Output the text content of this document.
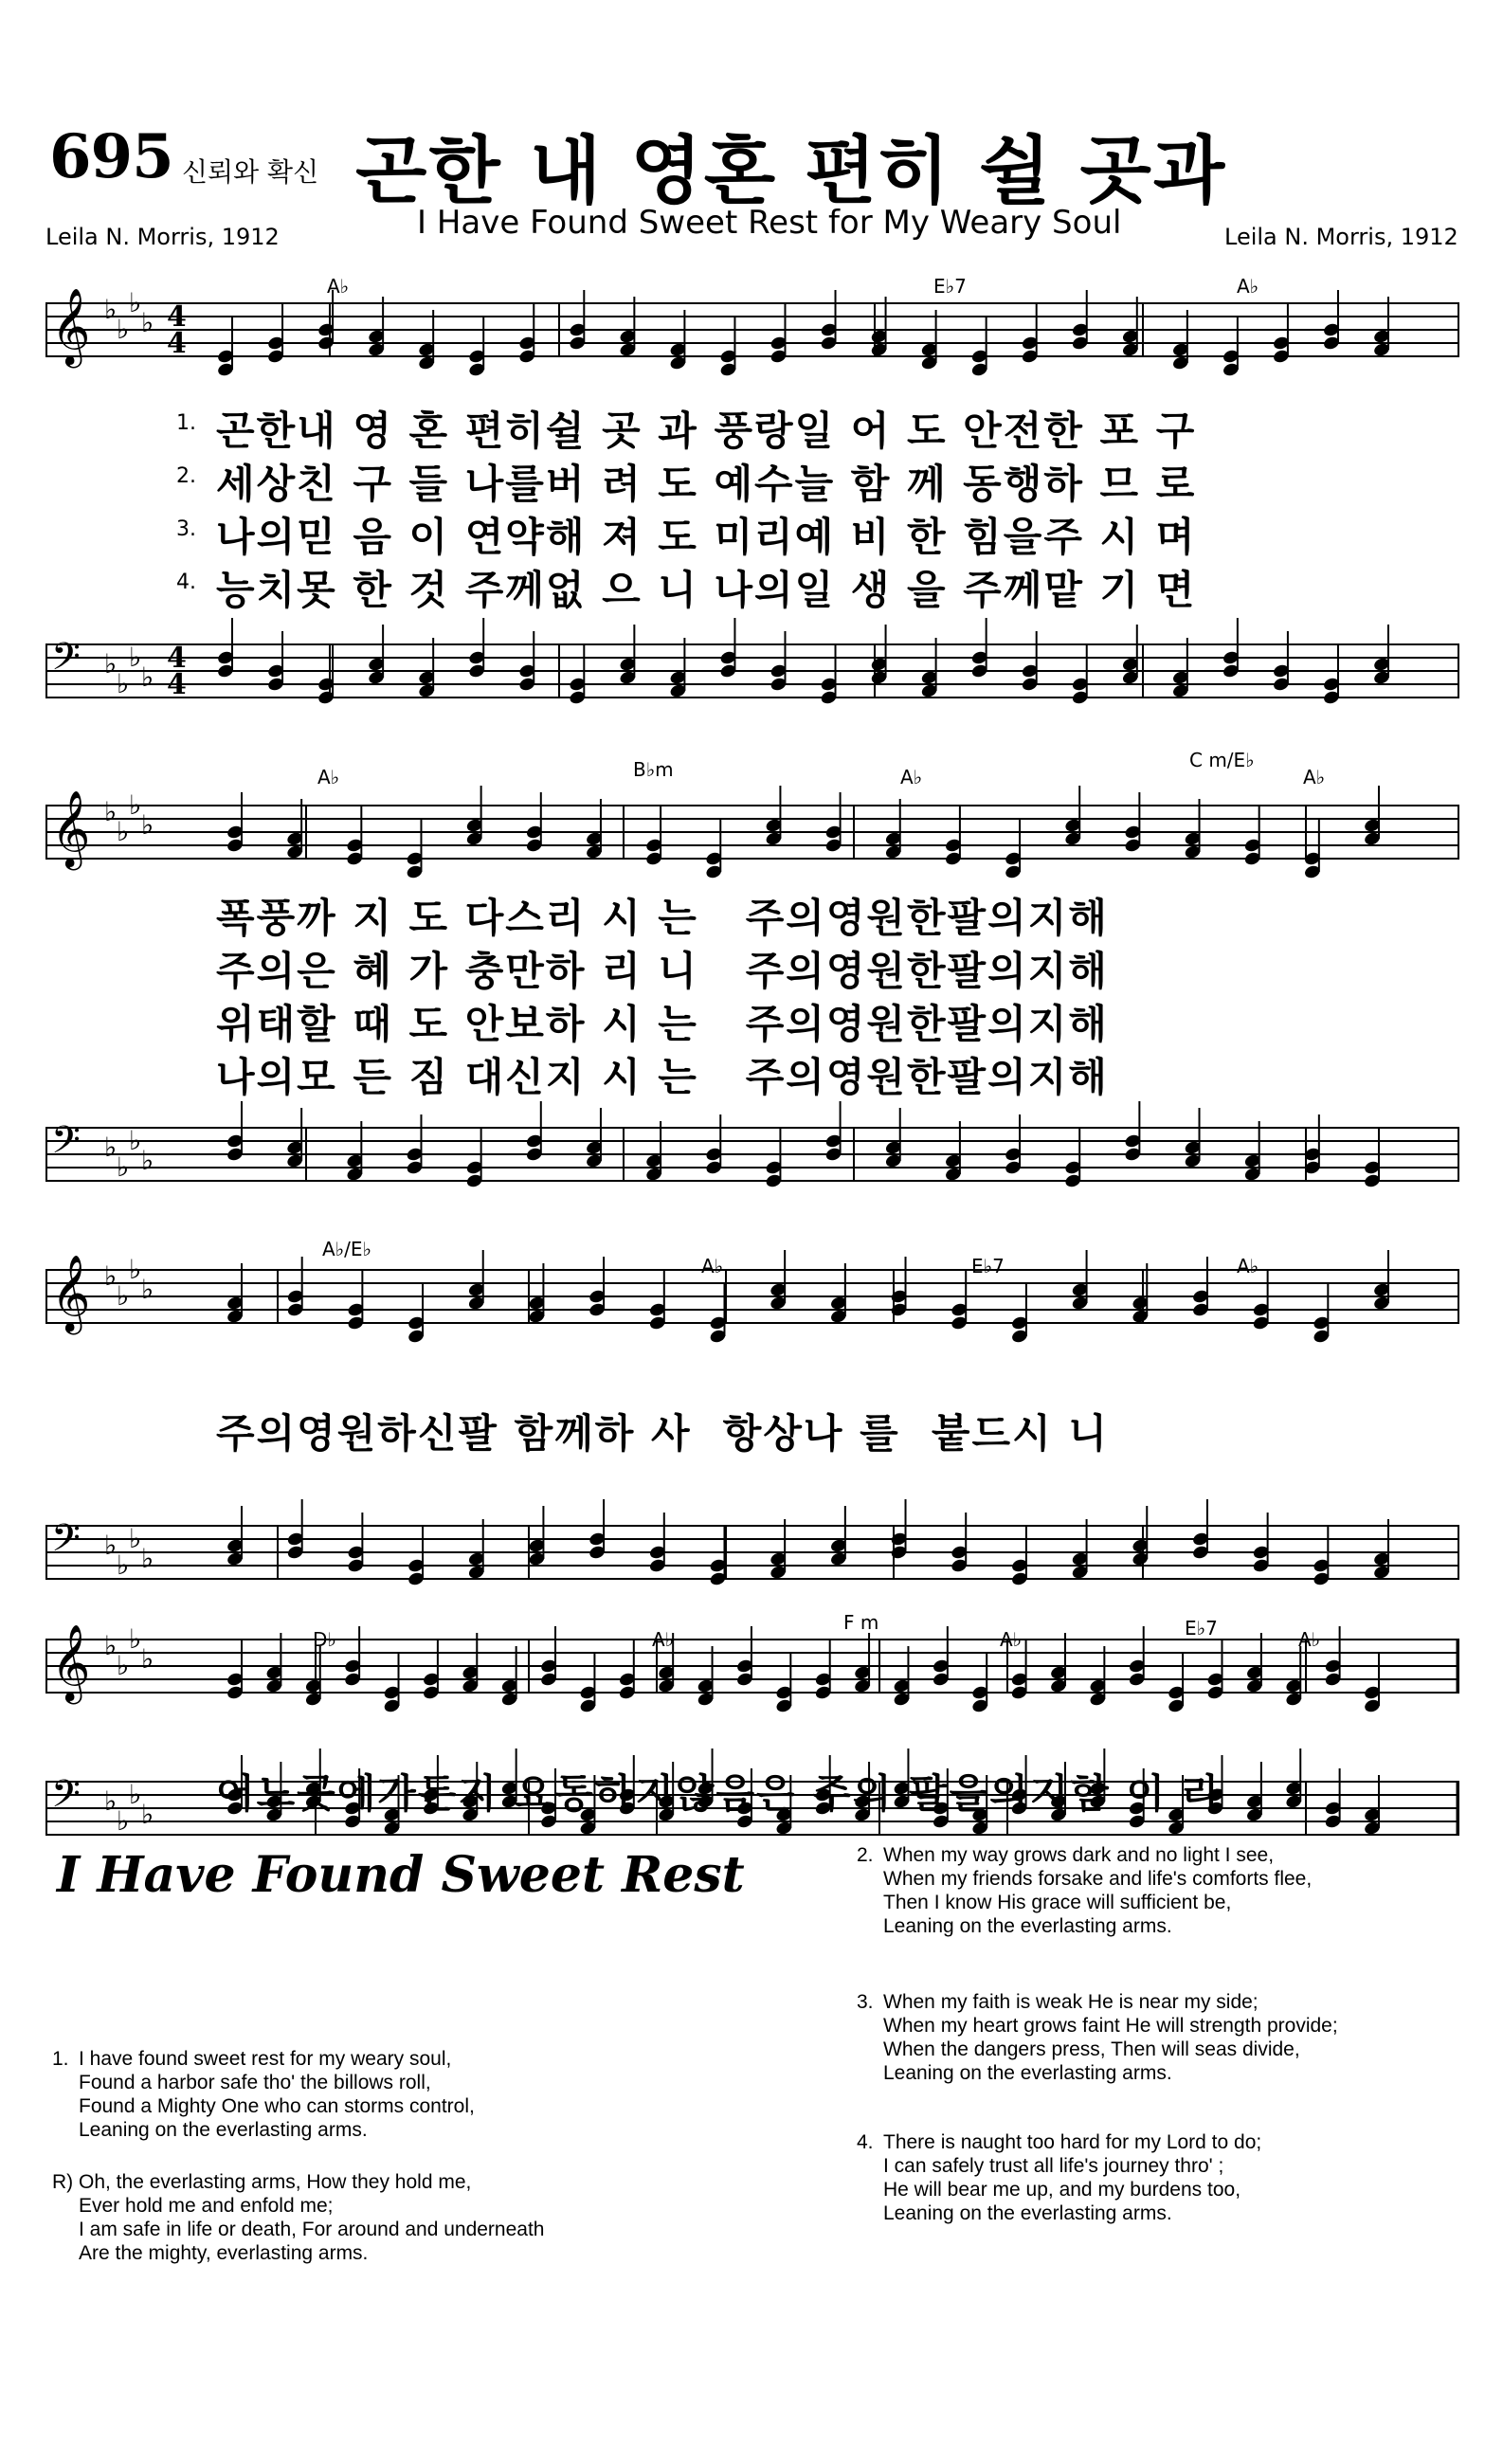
695 신뢰와 확신 곤한 내 영혼 편히 쉴 곳과
I Have Found Sweet Rest for My Weary Soul
Leila N. Morris, 1912	Leila N. Morris, 1912
𝄞 ♭
♭
♭
♭ 4
4
𝄢 ♭
♭
♭
♭
4
4
𝄞 ♭
♭
♭
♭
𝄢 ♭
♭
♭
♭
𝄞 ♭
♭
♭
♭
𝄢 ♭
♭
♭
♭
𝄞 ♭
♭
♭
♭
𝄢 ♭
♭
♭
♭
A♭	E♭7	A♭
A♭	B♭m	A♭
C m/E♭
A♭
A♭/E♭
A♭	E♭7	A♭
D♭	A♭
F m
A♭	E♭7	A♭
1.
2.
3.
4.
곤한내 영 혼 편히쉴 곳 과 풍랑일 어 도 안전한 포 구
세상친 구 들 나를버 려 도 예수늘 함 께 동행하 므 로
나의믿 음 이 연약해 져 도 미리예 비 한 힘을주 시 며
능치못 한 것 주께없 으 니 나의일 생 을 주께맡 기 면
폭풍까 지 도 다스리 시 는   주의영원한팔의지해
주의은 혜 가 충만하 리 니   주의영원한팔의지해
위태할 때 도 안보하 시 는   주의영원한팔의지해
나의모 든 짐 대신지 시 는   주의영원한팔의지해
주의영원하신팔 함께하 사  항상나 를  붙드시 니
어느곳에가든지 요동하지않음은 주의 팔을의지함 이 라
I Have Found Sweet Rest
1. I have found sweet rest for my weary soul,
Found a harbor safe tho' the billows roll,
Found a Mighty One who can storms control,
Leaning on the everlasting arms.
R) Oh, the everlasting arms, How they hold me,
Ever hold me and enfold me;
I am safe in life or death, For around and underneath
Are the mighty, everlasting arms.
2. When my way grows dark and no light I see,
When my friends forsake and life's comforts flee,
Then I know His grace will sufficient be,
Leaning on the everlasting arms.
3. When my faith is weak He is near my side;
When my heart grows faint He will strength provide;
When the dangers press, Then will seas divide,
Leaning on the everlasting arms.
4. There is naught too hard for my Lord to do;
I can safely trust all life's journey thro' ;
He will bear me up, and my burdens too,
Leaning on the everlasting arms.
